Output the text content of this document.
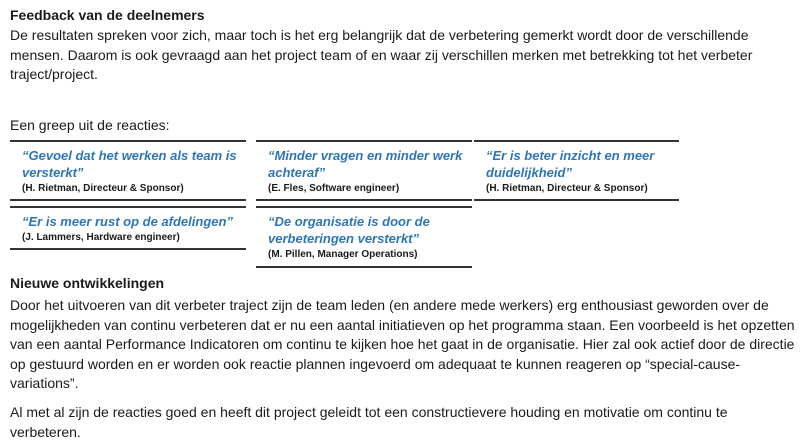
Feedback van de deelnemers

De resultaten spreken voor zich, maar toch is het erg belangrijk dat de verbetering gemerkt wordt door de verschillende mensen. Daarom is ook gevraagd aan het project team of en waar zij verschillen merken met betrekking tot het verbeter traject/project.

Een greep uit de reacties:
“Gevoel dat het werken als team is versterkt”
(H. Rietman, Directeur & Sponsor)
“Minder vragen en minder werk achteraf”
(E. Fles, Software engineer)
“Er is beter inzicht en meer duidelijkheid”
(H. Rietman, Directeur & Sponsor)
“Er is meer rust op de afdelingen”
(J. Lammers, Hardware engineer)
“De organisatie is door de verbeteringen versterkt”
(M. Pillen, Manager Operations)
Nieuwe ontwikkelingen

Door het uitvoeren van dit verbeter traject zijn de team leden (en andere mede werkers) erg enthousiast geworden over de mogelijkheden van continu verbeteren dat er nu een aantal initiatieven op het programma staan. Een voorbeeld is het opzetten van een aantal Performance Indicatoren om continu te kijken hoe het gaat in de organisatie. Hier zal ook actief door de directie op gestuurd worden en er worden ook reactie plannen ingevoerd om adequaat te kunnen reageren op “special-cause-variations”.

Al met al zijn de reacties goed en heeft dit project geleidt tot een constructievere houding en motivatie om continu te verbeteren.
